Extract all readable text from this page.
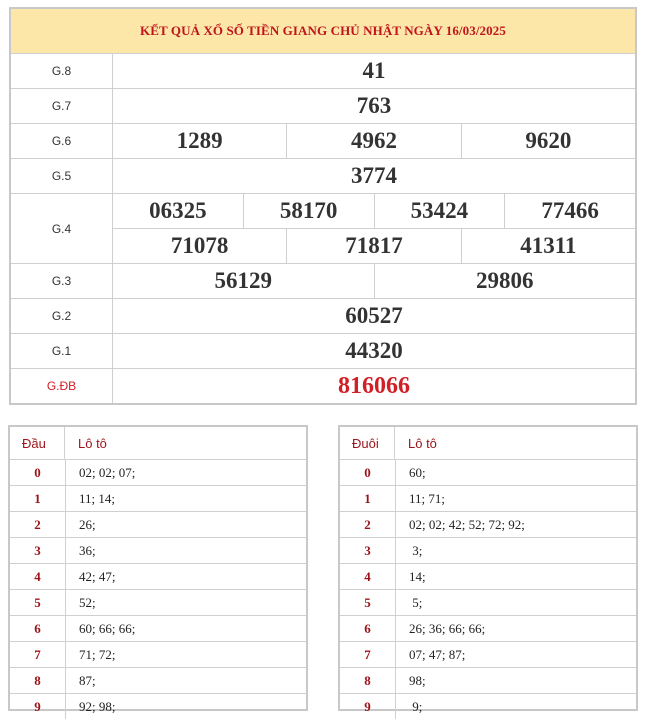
KẾT QUẢ XỔ SỐ TIỀN GIANG CHỦ NHẬT NGÀY 16/03/2025
G.8	41
G.7	763
G.6	1289	4962	9620
G.5	3774
G.4
06325	58170	53424	77466
71078	71817	41311
G.3	56129	29806
G.2	60527
G.1	44320
G.ĐB	816066
Đầu	Lô tô
0	02; 02; 07;
1	11; 14;
2	26;
3	36;
4	42; 47;
5	52;
6	60; 66; 66;
7	71; 72;
8	87;
9	92; 98;
Đuôi	Lô tô
0	60;
1	11; 71;
2	02; 02; 42; 52; 72; 92;
3	3;
4	14;
5	5;
6	26; 36; 66; 66;
7	07; 47; 87;
8	98;
9	9;
